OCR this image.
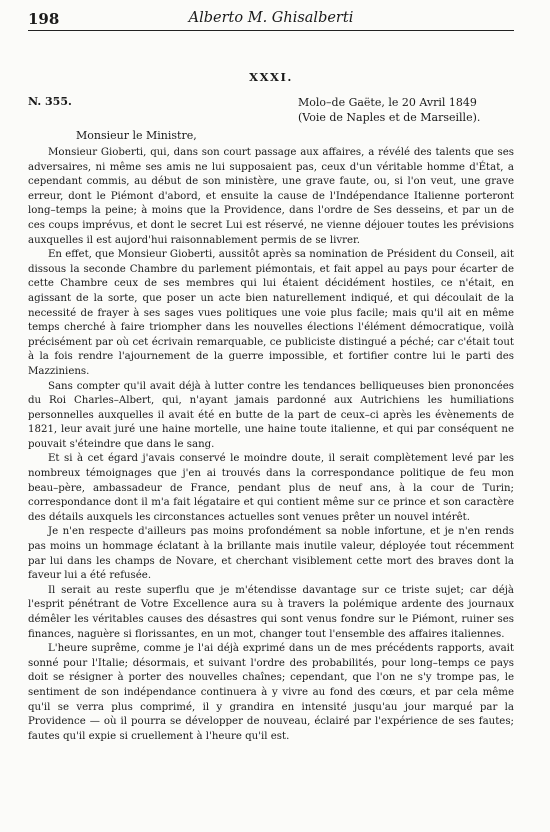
198	Alberto M. Ghisalberti
XXXI.
N. 355.	Molo–de Gaëte, le 20 Avril 1849
(Voie de Naples et de Marseille).
Monsieur le Ministre,

Monsieur Gioberti, qui, dans son court passage aux affaires, a révélé des talents que ses adversaires, ni même ses amis ne lui supposaient pas, ceux d'un véritable homme d'État, a cependant commis, au début de son ministère, une grave faute, ou, si l'on veut, une grave erreur, dont le Piémont d'abord, et ensuite la cause de l'Indépendance Italienne porteront long–temps la peine; à moins que la Providence, dans l'ordre de Ses desseins, et par un de ces coups imprévus, et dont le secret Lui est réservé, ne vienne déjouer toutes les prévisions auxquelles il est aujord'hui raisonnablement permis de se livrer.

En effet, que Monsieur Gioberti, aussitôt après sa nomination de Président du Conseil, ait dissous la seconde Chambre du parlement piémontais, et fait appel au pays pour écarter de cette Chambre ceux de ses membres qui lui étaient décidément hostiles, ce n'était, en agissant de la sorte, que poser un acte bien naturellement indiqué, et qui découlait de la necessité de frayer à ses sages vues politiques une voie plus facile; mais qu'il ait en même temps cherché à faire triompher dans les nouvelles élections l'élément démocratique, voilà précisément par où cet écrivain remarquable, ce publiciste distingué a péché; car c'était tout à la fois rendre l'ajournement de la guerre impossible, et fortifier contre lui le parti des Mazziniens.

Sans compter qu'il avait déjà à lutter contre les tendances belliqueuses bien prononcées du Roi Charles–Albert, qui, n'ayant jamais pardonné aux Autrichiens les humiliations personnelles auxquelles il avait été en butte de la part de ceux–ci après les évènements de 1821, leur avait juré une haine mortelle, une haine toute italienne, et qui par conséquent ne pouvait s'éteindre que dans le sang.

Et si à cet égard j'avais conservé le moindre doute, il serait complètement levé par les nombreux témoignages que j'en ai trouvés dans la correspondance politique de feu mon beau–père, ambassadeur de France, pendant plus de neuf ans, à la cour de Turin; correspondance dont il m'a fait légataire et qui contient même sur ce prince et son caractère des détails auxquels les circonstances actuelles sont venues prêter un nouvel intérêt.

Je n'en respecte d'ailleurs pas moins profondément sa noble infortune, et je n'en rends pas moins un hommage éclatant à la brillante mais inutile valeur, déployée tout récemment par lui dans les champs de Novare, et cherchant visiblement cette mort des braves dont la faveur lui a été refusée.

Il serait au reste superflu que je m'étendisse davantage sur ce triste sujet; car déjà l'esprit pénétrant de Votre Excellence aura su à travers la polémique ardente des journaux démêler les véritables causes des désastres qui sont venus fondre sur le Piémont, ruiner ses finances, naguère si florissantes, en un mot, changer tout l'ensemble des affaires italiennes.

L'heure suprême, comme je l'ai déjà exprimé dans un de mes précédents rapports, avait sonné pour l'Italie; désormais, et suivant l'ordre des probabilités, pour long–temps ce pays doit se résigner à porter des nouvelles chaînes; cependant, que l'on ne s'y trompe pas, le sentiment de son indépendance continuera à y vivre au fond des cœurs, et par cela même qu'il se verra plus comprimé, il y grandira en intensité jusqu'au jour marqué par la Providence — où il pourra se développer de nouveau, éclairé par l'expérience de ses fautes; fautes qu'il expie si cruellement à l'heure qu'il est.
